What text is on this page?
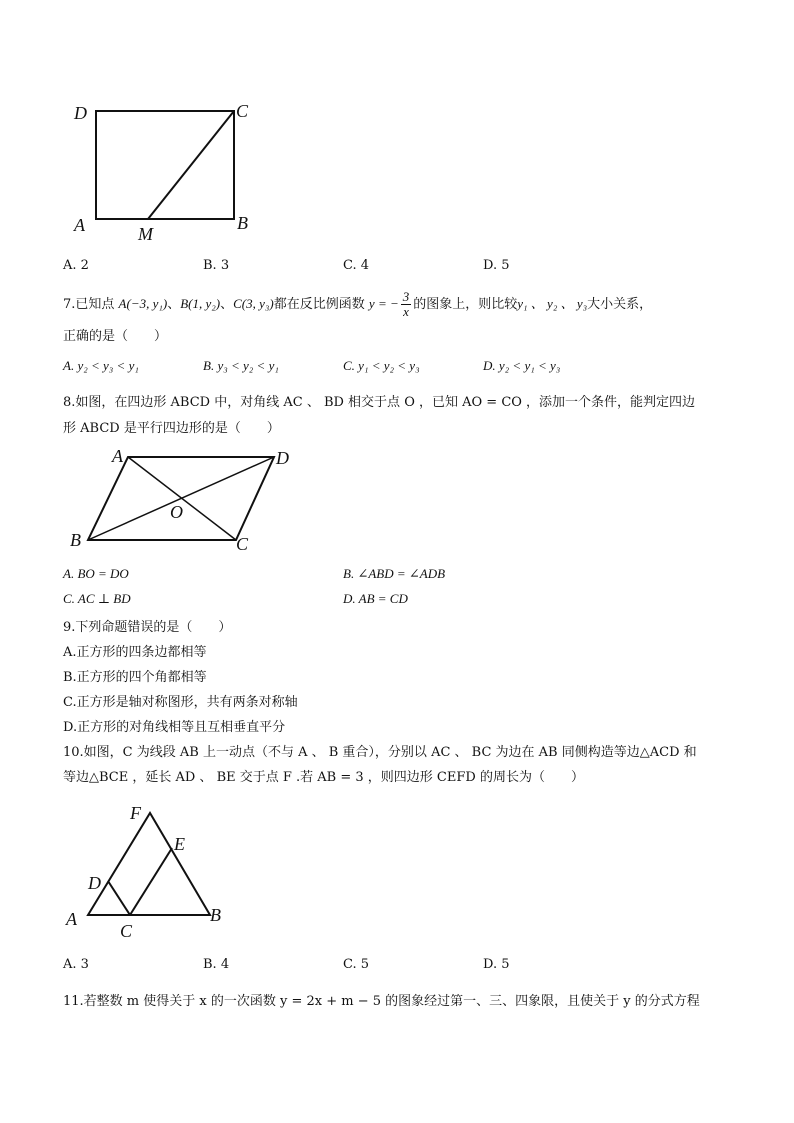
D	C
A	B
M
A. 2	B. 3	C. 4	D. 5
7.已知点 A(−3, y₁)、B(1, y₂)、C(3, y₃)都在反比例函数 y = − $\frac{3}{x}$ 的图象上，则比较y₁ 、 y₂ 、 y₃大小关系，
正确的是（　　）
A. y₂ < y₃ < y₁	B. y₃ < y₂ < y₁	C. y₁ < y₂ < y₃	D. y₂ < y₁ < y₃
8.如图，在四边形 ABCD 中，对角线 AC 、 BD 相交于点 O ，已知 AO = CO ，添加一个条件，能判定四边
形 ABCD 是平行四边形的是（　　）
A	D
O
B	C
A. BO = DO	B. ∠ABD = ∠ADB
C. AC ⊥ BD	D. AB = CD
9.下列命题错误的是（　　）
A.正方形的四条边都相等
B.正方形的四个角都相等
C.正方形是轴对称图形，共有两条对称轴
D.正方形的对角线相等且互相垂直平分
10.如图，C 为线段 AB 上一动点（不与 A 、 B 重合），分别以 AC 、 BC 为边在 AB 同侧构造等边△ACD 和
等边△BCE ，延长 AD 、 BE 交于点 F .若 AB = 3 ，则四边形 CEFD 的周长为（　　）
F
E
D
A
C
B
A. 3	B. 4	C. 5	D. 5
11.若整数 m 使得关于 x 的一次函数 y = 2x + m − 5 的图象经过第一、三、四象限，且使关于 y 的分式方程
